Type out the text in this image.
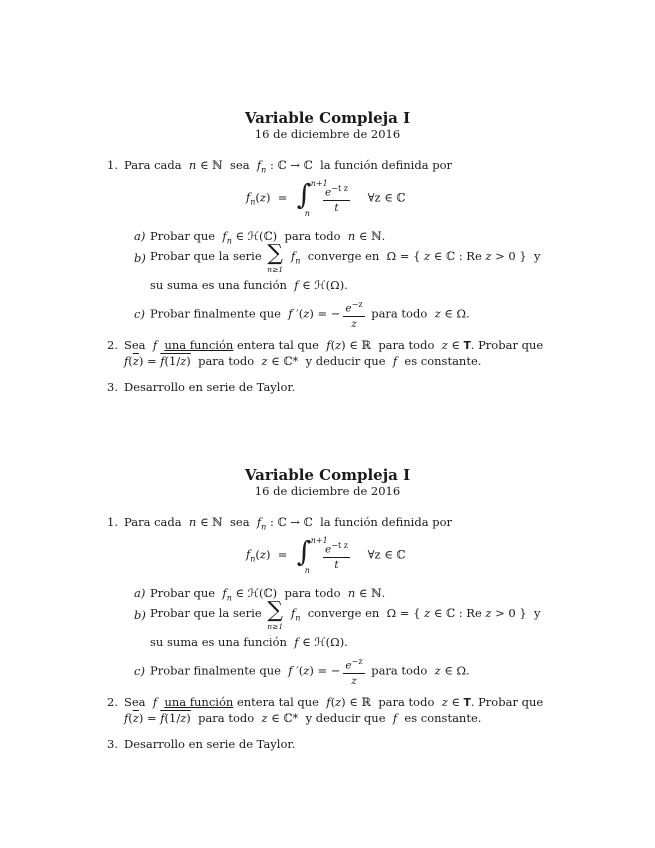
Variable Compleja I
16 de diciembre de 2016
1. Para cada n ∈ ℕ  sea $f_n$ : ℂ → ℂ  la función definida por
$f_n(z)$  = ∫ n+1
n

$\frac{e^{-t z}}{t}$ ∀z ∈ ℂ
a) Probar que $f_n$ ∈ ℋ(ℂ)  para todo n ∈ ℕ.
b) Probar que la serie ∑
n≥1
$f_n$ converge en  Ω = { z ∈ ℂ : Re z > 0 }  y
su suma es una función f ∈ ℋ(Ω).
c) Probar finalmente que f ′(z) = − $\frac{e^{-z}}{z}$ para todo z ∈ Ω.
2. Sea f una función entera tal que f(z) ∈ ℝ  para todo z ∈ T. Probar que
$f(\overline{z}) = f(1/z)$ para todo z ∈ ℂ*  y deducir que f es constante.
3. Desarrollo en serie de Taylor.
Variable Compleja I
16 de diciembre de 2016
1. Para cada n ∈ ℕ  sea $f_n$ : ℂ → ℂ  la función definida por
$f_n(z)$  = ∫ n+1
n

$\frac{e^{-t z}}{t}$ ∀z ∈ ℂ
a) Probar que $f_n$ ∈ ℋ(ℂ)  para todo n ∈ ℕ.
b) Probar que la serie ∑
n≥1
$f_n$ converge en  Ω = { z ∈ ℂ : Re z > 0 }  y
su suma es una función f ∈ ℋ(Ω).
c) Probar finalmente que f ′(z) = − $\frac{e^{-z}}{z}$ para todo z ∈ Ω.
2. Sea f una función entera tal que f(z) ∈ ℝ  para todo z ∈ T. Probar que
$f(\overline{z}) = f(1/z)$ para todo z ∈ ℂ*  y deducir que f es constante.
3. Desarrollo en serie de Taylor.
